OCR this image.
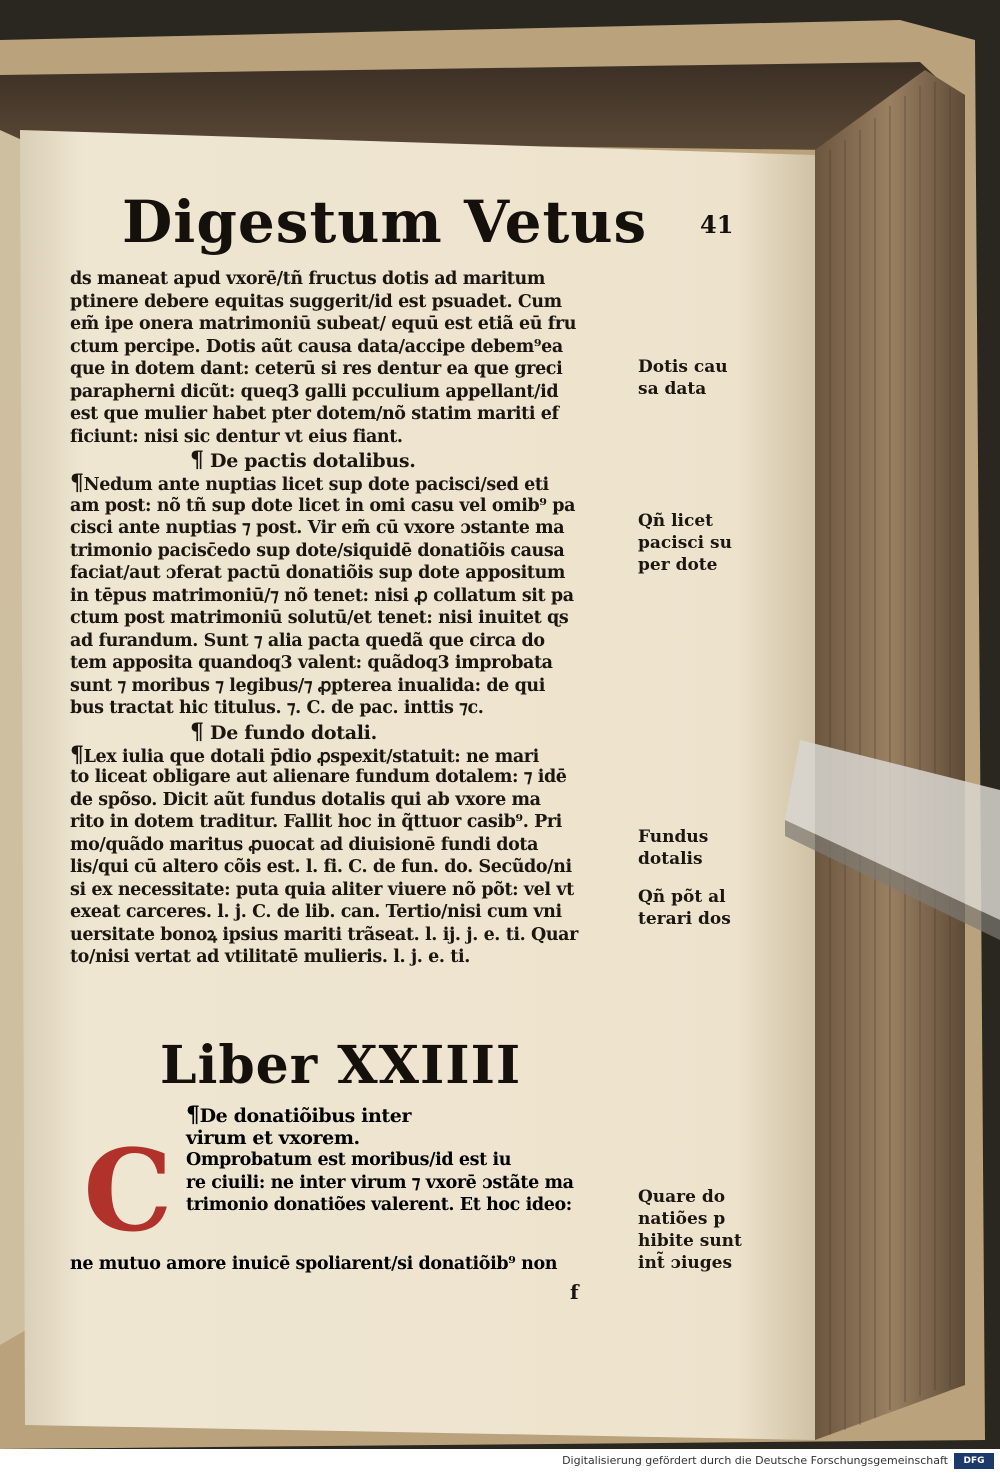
Digestum Vetus 41
ds maneat apud vxorē/tñ fructus dotis ad maritum
ptinere debere equitas suggerit/id est psuadet. Cum
em̃ ipe onera matrimoniū subeat/ equū est etiã eū fru
ctum percipe. Dotis aũt causa data/accipe debem⁹ea
que in dotem dant: ceterū si res dentur ea que greci
parapherni dicũt: queq3 galli pcculium appellant/id
est que mulier habet pter dotem/nõ statim mariti ef
ficiunt: nisi sic dentur vt eius fiant.
¶ De pactis dotalibus.
¶Nedum ante nuptias licet sup dote pacisci/sed eti
am post: nõ tñ sup dote licet in omi casu vel omib⁹ pa
cisci ante nuptias ⁊ post. Vir em̃ cū vxore ɔstante ma
trimonio pacisc̄edo sup dote/siquidē donatiõis causa
faciat/aut ɔferat pactū donatiõis sup dote appositum
in tēpus matrimoniū/⁊ nõ tenet: nisi ꝓ collatum sit pa
ctum post matrimoniū solutū/et tenet: nisi inuitet ɋs
ad furandum. Sunt ⁊ alia pacta quedã que circa do
tem apposita quandoq3 valent: quãdoq3 improbata
sunt ⁊ moribus ⁊ legibus/⁊ ꝓpterea inualida: de qui
bus tractat hic titulus. ⁊. C. de pac. inttis ⁊c.
¶ De fundo dotali.
¶Lex iulia que dotali p̄dio ꝓspexit/statuit: ne mari
to liceat obligare aut alienare fundum dotalem: ⁊ idē
de spõso. Dicit aũt fundus dotalis qui ab vxore ma
rito in dotem traditur. Fallit hoc in q̃ttuor casib⁹. Pri
mo/quãdo maritus ꝓuocat ad diuisionē fundi dota
lis/qui cū altero cõis est. l. fi. C. de fun. do. Secũdo/ni
si ex necessitate: puta quia aliter viuere nõ põt: vel vt
exeat carceres. l. j. C. de lib. can. Tertio/nisi cum vni
uersitate bonoꝝ ipsius mariti trãseat. l. ij. j. e. ti. Quar
to/nisi vertat ad vtilitatē mulieris. l. j. e. ti.
Liber XXIIII
¶De donatiõibus inter
virum et vxorem.
Omprobatum est moribus/id est iu
re ciuili: ne inter virum ⁊ vxorē ɔstãte ma
trimonio donatiões valerent. Et hoc ideo:
C
ne mutuo amore inuicē spoliarent/si donatiõib⁹ non
f
Dotis cau
sa data
Qñ licet
pacisci su
per dote
Fundus
dotalis
Qñ põt al
terari dos
Quare do
natiões p
hibite sunt
int̃ ɔiuges
Digitalisierung gefördert durch die Deutsche Forschungsgemeinschaft	DFG
